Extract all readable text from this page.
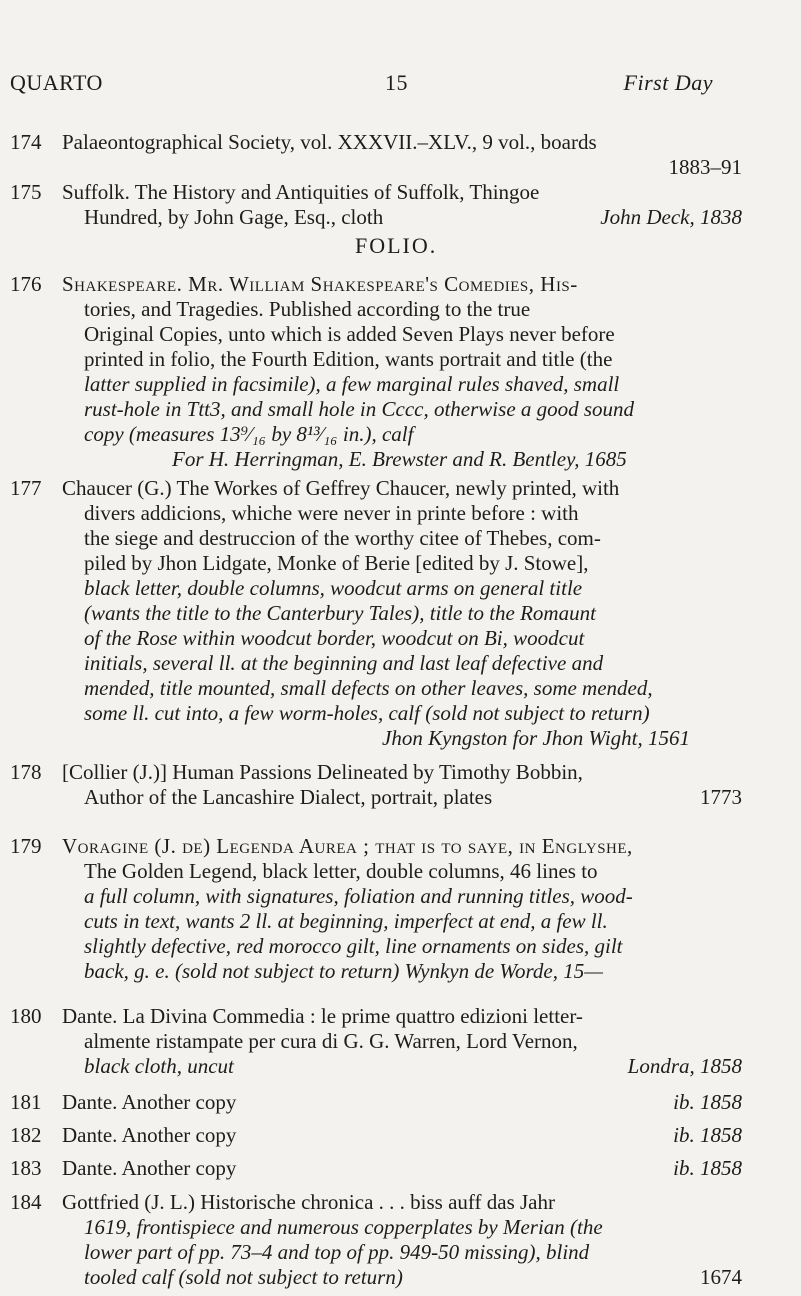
QUARTO	15	First Day
174 Palaeontographical Society, vol. XXXVII.–XLV., 9 vol., boards
1883–91
175 Suffolk. The History and Antiquities of Suffolk, Thingoe
Hundred, by John Gage, Esq., cloth	John Deck, 1838
FOLIO.
176 Shakespeare. Mr. William Shakespeare's Comedies, His-
tories, and Tragedies. Published according to the true
Original Copies, unto which is added Seven Plays never before
printed in folio, the Fourth Edition, wants portrait and title (the
latter supplied in facsimile), a few marginal rules shaved, small
rust-hole in Ttt3, and small hole in Cccc, otherwise a good sound
copy (measures 13⁹⁄₁₆ by 8¹³⁄₁₆ in.), calf
For H. Herringman, E. Brewster and R. Bentley, 1685
177 Chaucer (G.) The Workes of Geffrey Chaucer, newly printed, with
divers addicions, whiche were never in printe before : with
the siege and destruccion of the worthy citee of Thebes, com-
piled by Jhon Lidgate, Monke of Berie [edited by J. Stowe],
black letter, double columns, woodcut arms on general title
(wants the title to the Canterbury Tales), title to the Romaunt
of the Rose within woodcut border, woodcut on Bi, woodcut
initials, several ll. at the beginning and last leaf defective and
mended, title mounted, small defects on other leaves, some mended,
some ll. cut into, a few worm-holes, calf (sold not subject to return)
Jhon Kyngston for Jhon Wight, 1561
178 [Collier (J.)] Human Passions Delineated by Timothy Bobbin,
Author of the Lancashire Dialect, portrait, plates	1773
179 Voragine (J. de) Legenda Aurea ; that is to saye, in Englyshe,
The Golden Legend, black letter, double columns, 46 lines to
a full column, with signatures, foliation and running titles, wood-
cuts in text, wants 2 ll. at beginning, imperfect at end, a few ll.
slightly defective, red morocco gilt, line ornaments on sides, gilt
back, g. e. (sold not subject to return) Wynkyn de Worde, 15—
180 Dante. La Divina Commedia : le prime quattro edizioni letter-
almente ristampate per cura di G. G. Warren, Lord Vernon,
black cloth, uncut	Londra, 1858
181 Dante. Another copy	ib. 1858
182 Dante. Another copy	ib. 1858
183 Dante. Another copy	ib. 1858
184 Gottfried (J. L.) Historische chronica . . . biss auff das Jahr
1619, frontispiece and numerous copperplates by Merian (the
lower part of pp. 73–4 and top of pp. 949-50 missing), blind
tooled calf (sold not subject to return)	1674
